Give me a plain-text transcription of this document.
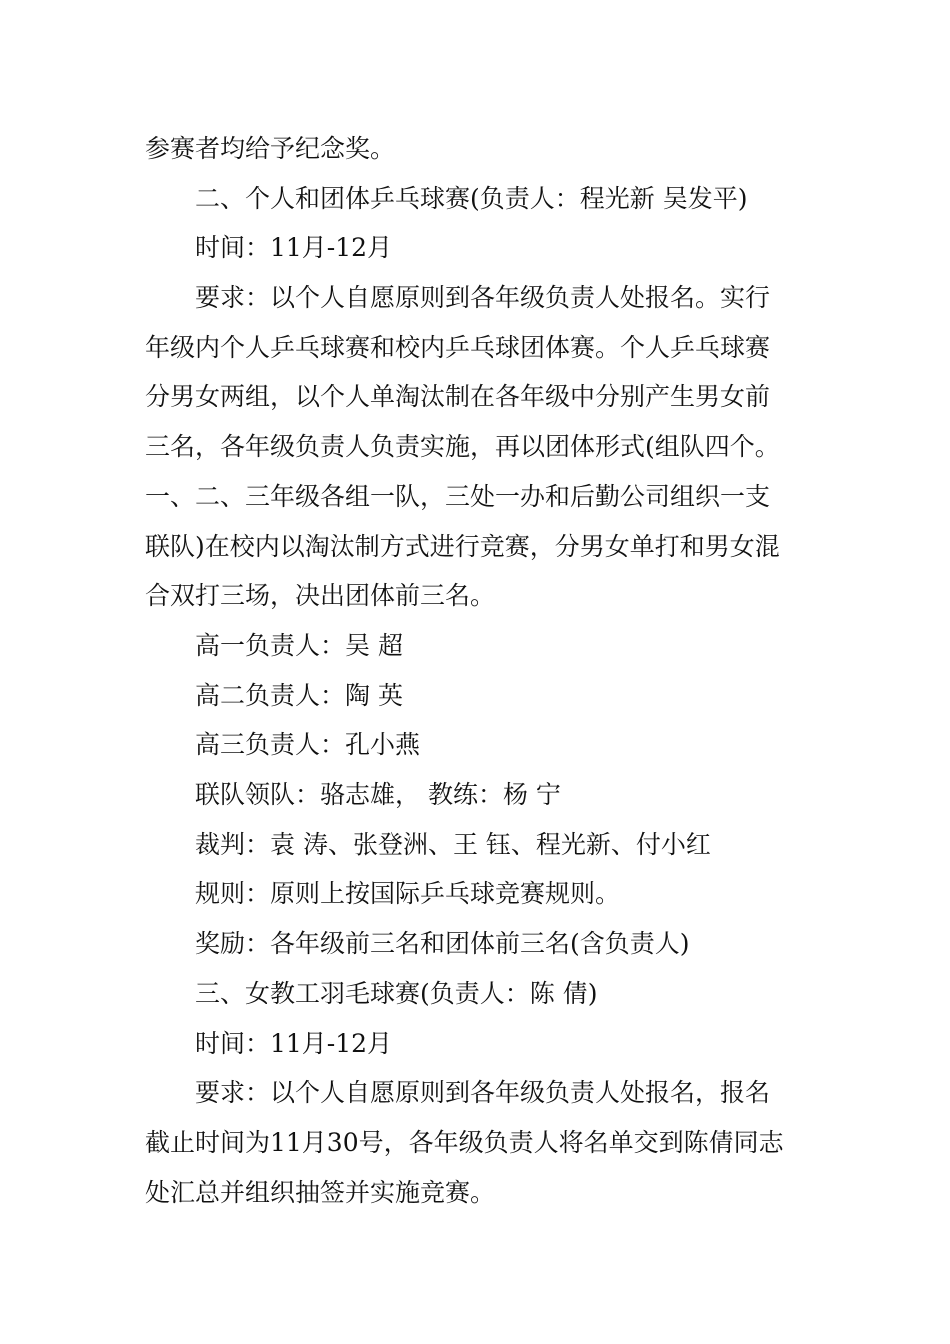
参赛者均给予纪念奖。
二、个人和团体乒乓球赛(负责人：程光新 吴发平)
时间：11月-12月
要求：以个人自愿原则到各年级负责人处报名。实行
年级内个人乒乓球赛和校内乒乓球团体赛。个人乒乓球赛
分男女两组，以个人单淘汰制在各年级中分别产生男女前
三名，各年级负责人负责实施，再以团体形式(组队四个。
一、二、三年级各组一队，三处一办和后勤公司组织一支
联队)在校内以淘汰制方式进行竞赛，分男女单打和男女混
合双打三场，决出团体前三名。
高一负责人：吴 超
高二负责人：陶 英
高三负责人：孔小燕
联队领队：骆志雄， 教练：杨 宁
裁判：袁 涛、张登洲、王 钰、程光新、付小红
规则：原则上按国际乒乓球竞赛规则。
奖励：各年级前三名和团体前三名(含负责人)
三、女教工羽毛球赛(负责人：陈 倩)
时间：11月-12月
要求：以个人自愿原则到各年级负责人处报名，报名
截止时间为11月30号，各年级负责人将名单交到陈倩同志
处汇总并组织抽签并实施竞赛。
